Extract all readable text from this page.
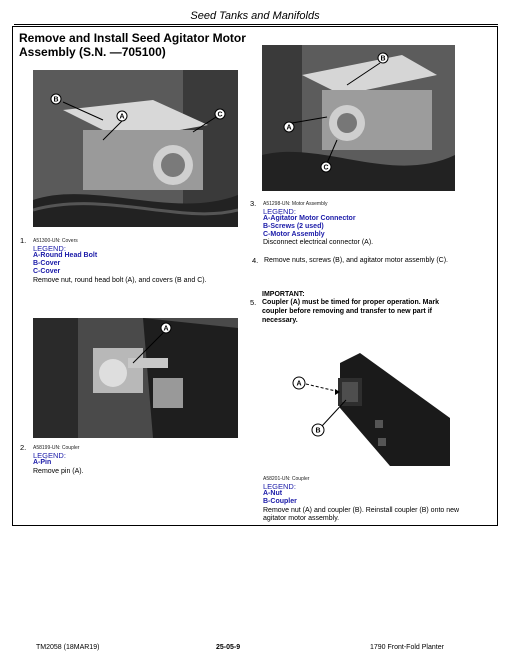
Seed Tanks and Manifolds
Remove and Install Seed Agitator Motor
Assembly (S.N. —705100)
B
A	C
1. A51300-UN: Covers
LEGEND:
A-Round Head Bolt
B-Cover
C-Cover
Remove nut, round head bolt (A), and covers (B and C).
A
2. A58199-UN: Coupler
LEGEND:
A-Pin
Remove pin (A).
B
A
C
3. A51298-UN: Motor Assembly
LEGEND:
A-Agitator Motor Connector
B-Screws (2 used)
C-Motor Assembly
Disconnect electrical connector (A).
4. Remove nuts, screws (B), and agitator motor assembly (C).
IMPORTANT:
5. Coupler (A) must be timed for proper operation. Mark
coupler before removing and transfer to new part if
necessary.
A
B
A58201-UN: Coupler
LEGEND:
A-Nut
B-Coupler
Remove nut (A) and coupler (B). Reinstall coupler (B) onto new
agitator motor assembly.
TM2058 (18MAR19)	25-05-9	1790 Front-Fold Planter
